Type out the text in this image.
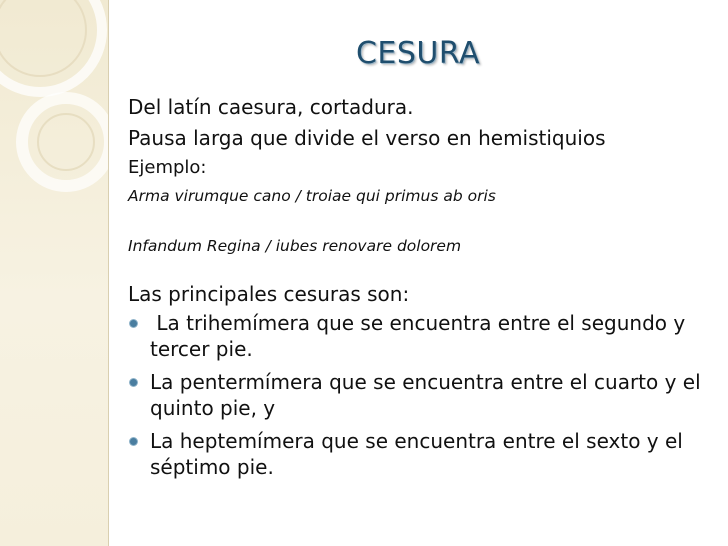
CESURA

Del latín caesura, cortadura.

Pausa larga que divide el verso en hemistiquios

Ejemplo:

Arma virumque cano / troiae qui primus ab oris

Infandum Regina / iubes renovare dolorem

Las principales cesuras son:

La trihemímera que se encuentra entre el segundo y tercer pie.
La pentermímera que se encuentra entre el cuarto y el quinto pie, y
La heptemímera que se encuentra entre el sexto y el séptimo pie.
